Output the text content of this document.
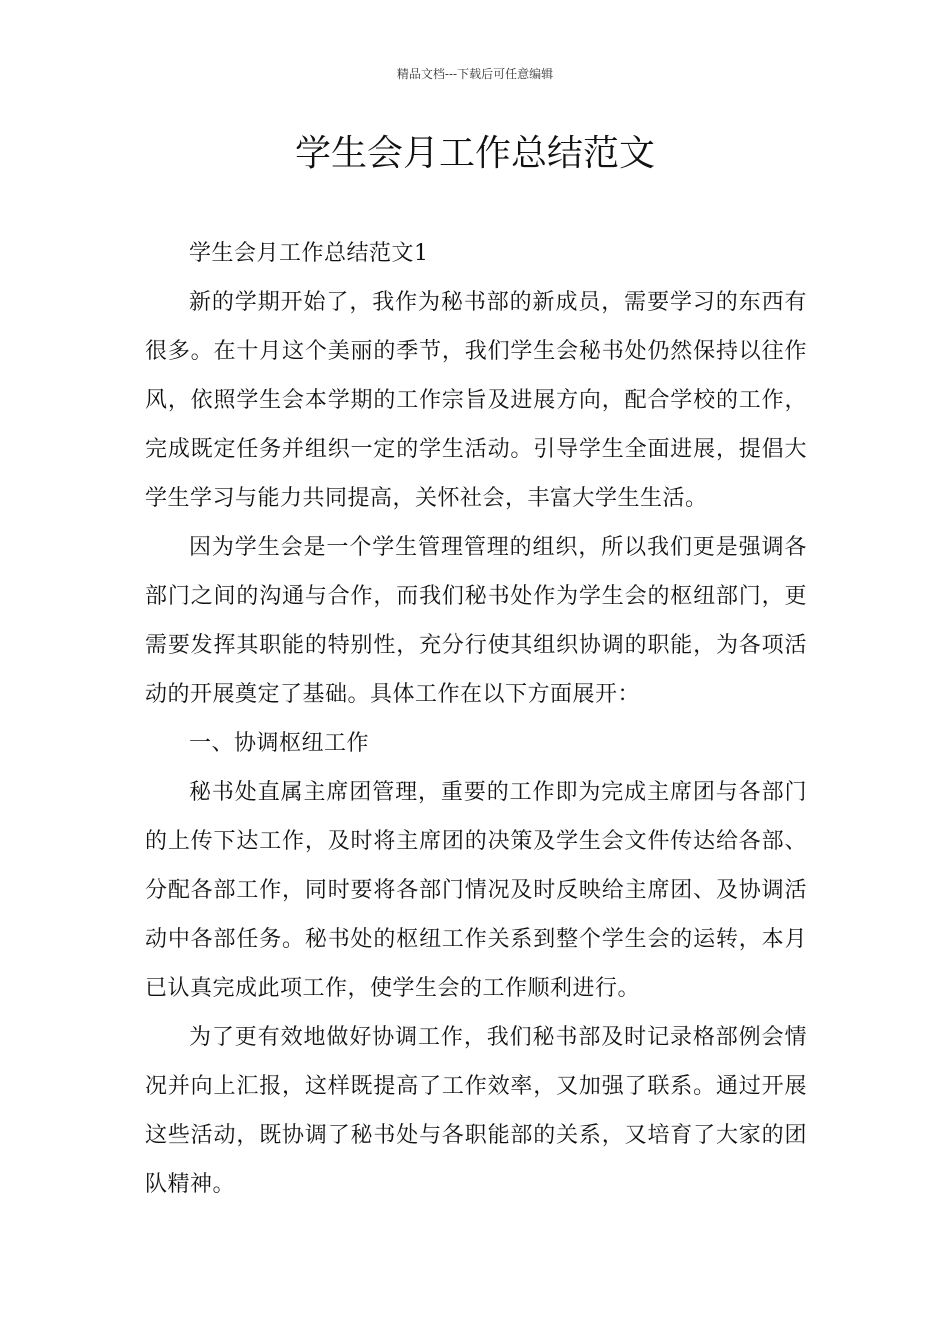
精品文档---下载后可任意编辑
学生会月工作总结范文

学生会月工作总结范文1

新的学期开始了，我作为秘书部的新成员，需要学习的东西有很多。在十月这个美丽的季节，我们学生会秘书处仍然保持以往作风，依照学生会本学期的工作宗旨及进展方向，配合学校的工作，完成既定任务并组织一定的学生活动。引导学生全面进展，提倡大学生学习与能力共同提高，关怀社会，丰富大学生生活。

因为学生会是一个学生管理管理的组织，所以我们更是强调各部门之间的沟通与合作，而我们秘书处作为学生会的枢纽部门，更需要发挥其职能的特别性，充分行使其组织协调的职能，为各项活动的开展奠定了基础。具体工作在以下方面展开：

一、协调枢纽工作

秘书处直属主席团管理，重要的工作即为完成主席团与各部门的上传下达工作，及时将主席团的决策及学生会文件传达给各部、分配各部工作，同时要将各部门情况及时反映给主席团、及协调活动中各部任务。秘书处的枢纽工作关系到整个学生会的运转，本月已认真完成此项工作，使学生会的工作顺利进行。

为了更有效地做好协调工作，我们秘书部及时记录格部例会情况并向上汇报，这样既提高了工作效率，又加强了联系。通过开展这些活动，既协调了秘书处与各职能部的关系，又培育了大家的团队精神。
